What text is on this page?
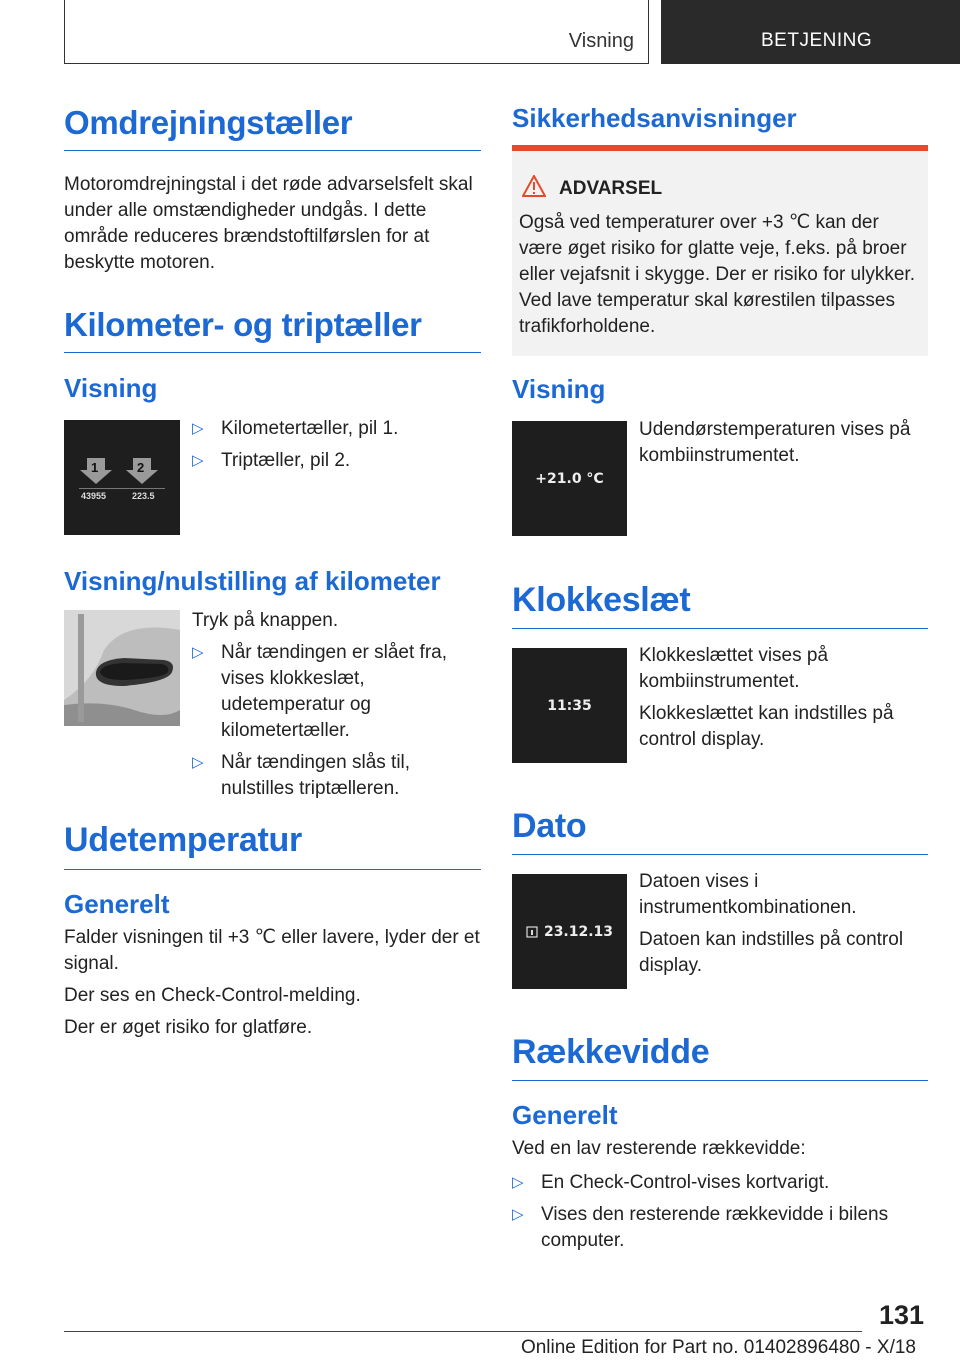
Visning	BETJENING
Omdrejningstæller

Motoromdrejningstal i det røde advarselsfelt skal under alle omstændigheder undgås. I dette område reduceres brændstoftilførslen for at beskytte motoren.

Kilometer- og triptæller
Visning
1	2
43955	223.5
▷ Kilometertæller, pil 1.
▷ Triptæller, pil 2.
Visning/nulstilling af kilometer

Tryk på knappen.

▷ Når tændingen er slået fra, vises klokkeslæt, udetemperatur og kilometertæller.
▷ Når tændingen slås til, nulstilles triptælleren.
Udetemperatur
Generelt

Falder visningen til +3 ℃ eller lavere, lyder der et signal.

Der ses en Check-Control-melding.

Der er øget risiko for glatføre.

Sikkerhedsanvisninger
ADVARSEL

Også ved temperaturer over +3 ℃ kan der være øget risiko for glatte veje, f.eks. på broer eller vejafsnit i skygge. Der er risiko for ulykker. Ved lave temperatur skal kørestilen tilpasses trafikforholdene.

Visning
+21.0 °C

Udendørstemperaturen vises på kombiinstrumentet.

Klokkeslæt
11:35

Klokkeslættet vises på kombiinstrumentet.

Klokkeslættet kan indstilles på control display.

Dato
23.12.13

Datoen vises i instrumentkombinationen.

Datoen kan indstilles på control display.

Rækkevidde
Generelt

Ved en lav resterende rækkevidde:

▷ En Check-Control-vises kortvarigt.
▷ Vises den resterende rækkevidde i bilens computer.
131
Online Edition for Part no. 01402896480 - X/18
